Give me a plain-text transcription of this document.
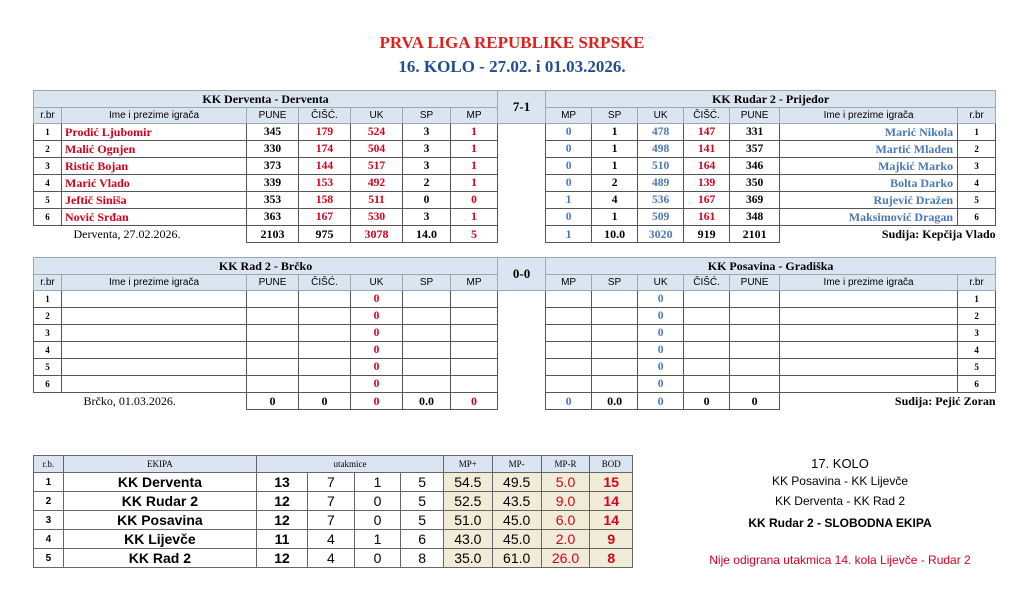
PRVA LIGA REPUBLIKE SRPSKE
16. KOLO - 27.02. i 01.03.2026.
KK Derventa - Derventa							7-1	KK Rudar 2 - Prijedor						
r.br	Ime i prezime igrača	PUNE	ČIŠĆ.	UK	SP	MP		MP	SP	UK	ČIŠĆ.	PUNE	Ime i prezime igrača	r.br
1	Prodić Ljubomir	345	179	524	3	1		0	1	478	147	331	Marić Nikola	1
2	Malić Ognjen	330	174	504	3	1		0	1	498	141	357	Martić Mladen	2
3	Ristić Bojan	373	144	517	3	1		0	1	510	164	346	Majkić Marko	3
4	Marić Vlado	339	153	492	2	1		0	2	489	139	350	Bolta Darko	4
5	Jeftič Siniša	353	158	511	0	0		1	4	536	167	369	Rujević Dražen	5
6	Nović Srđan	363	167	530	3	1		0	1	509	161	348	Maksimović Dragan	6
Derventa, 27.02.2026.		2103	975	3078	14.0	5		1	10.0	3020	919	2101	Sudija: Kepčija Vlado	
KK Rad 2 - Brčko							0-0	KK Posavina - Gradiška						
r.br	Ime i prezime igrača	PUNE	ČIŠĆ.	UK	SP	MP		MP	SP	UK	ČIŠĆ.	PUNE	Ime i prezime igrača	r.br
1				0						0				1
2				0						0				2
3				0						0				3
4				0						0				4
5				0						0				5
6				0						0				6
Brčko, 01.03.2026.		0	0	0	0.0	0		0	0.0	0	0	0	Sudija: Pejić Zoran	
r.b.	EKIPA	utakmice				MP+	MP-	MP-R	BOD
1	KK Derventa	13	7	1	5	54.5	49.5	5.0	15
2	KK Rudar 2	12	7	0	5	52.5	43.5	9.0	14
3	KK Posavina	12	7	0	5	51.0	45.0	6.0	14
4	KK Lijevče	11	4	1	6	43.0	45.0	2.0	9
5	KK Rad 2	12	4	0	8	35.0	61.0	26.0	8
17. KOLO
KK Posavina - KK Lijevče
KK Derventa - KK Rad 2
KK Rudar 2 - SLOBODNA EKIPA
Nije odigrana utakmica 14. kola Lijevče - Rudar 2
